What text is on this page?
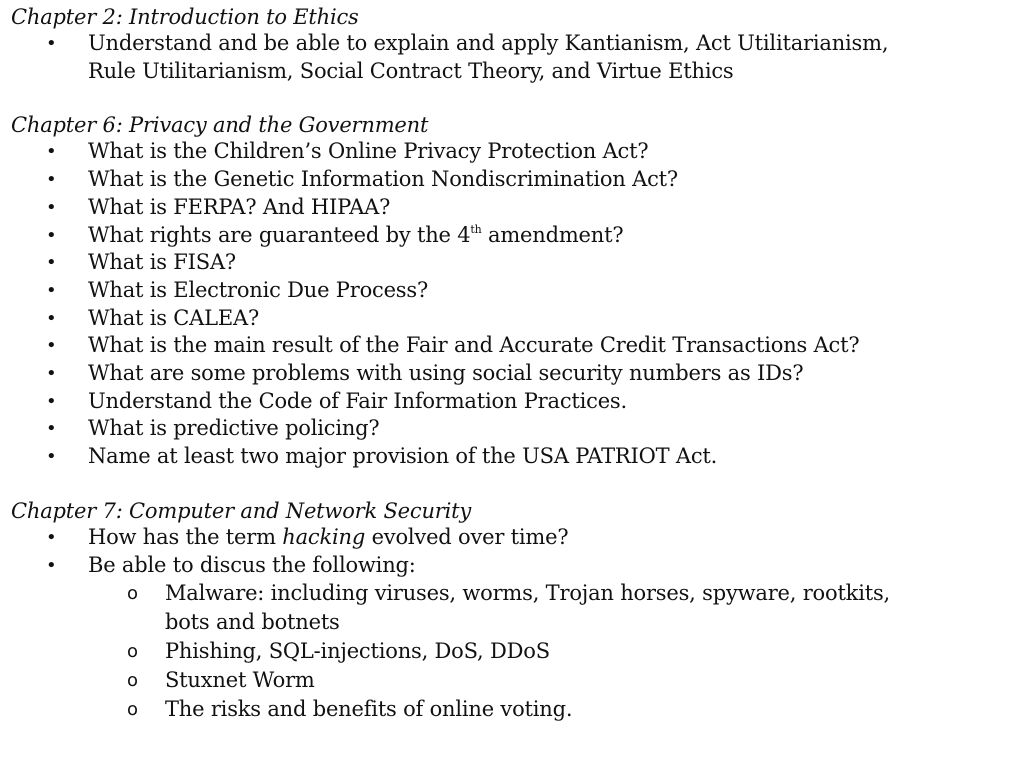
Chapter 2: Introduction to Ethics

• Understand and be able to explain and apply Kantianism, Act Utilitarianism, Rule Utilitarianism, Social Contract Theory, and Virtue Ethics

Chapter 6: Privacy and the Government

• What is the Children’s Online Privacy Protection Act?
• What is the Genetic Information Nondiscrimination Act?
• What is FERPA? And HIPAA?
• What rights are guaranteed by the 4th amendment?
• What is FISA?
• What is Electronic Due Process?
• What is CALEA?
• What is the main result of the Fair and Accurate Credit Transactions Act?
• What are some problems with using social security numbers as IDs?
• Understand the Code of Fair Information Practices.
• What is predictive policing?
• Name at least two major provision of the USA PATRIOT Act.

Chapter 7: Computer and Network Security

• How has the term hacking evolved over time?
• Be able to discus the following:
o Malware: including viruses, worms, Trojan horses, spyware, rootkits, bots and botnets
o Phishing, SQL-injections, DoS, DDoS
o Stuxnet Worm
o The risks and benefits of online voting.
